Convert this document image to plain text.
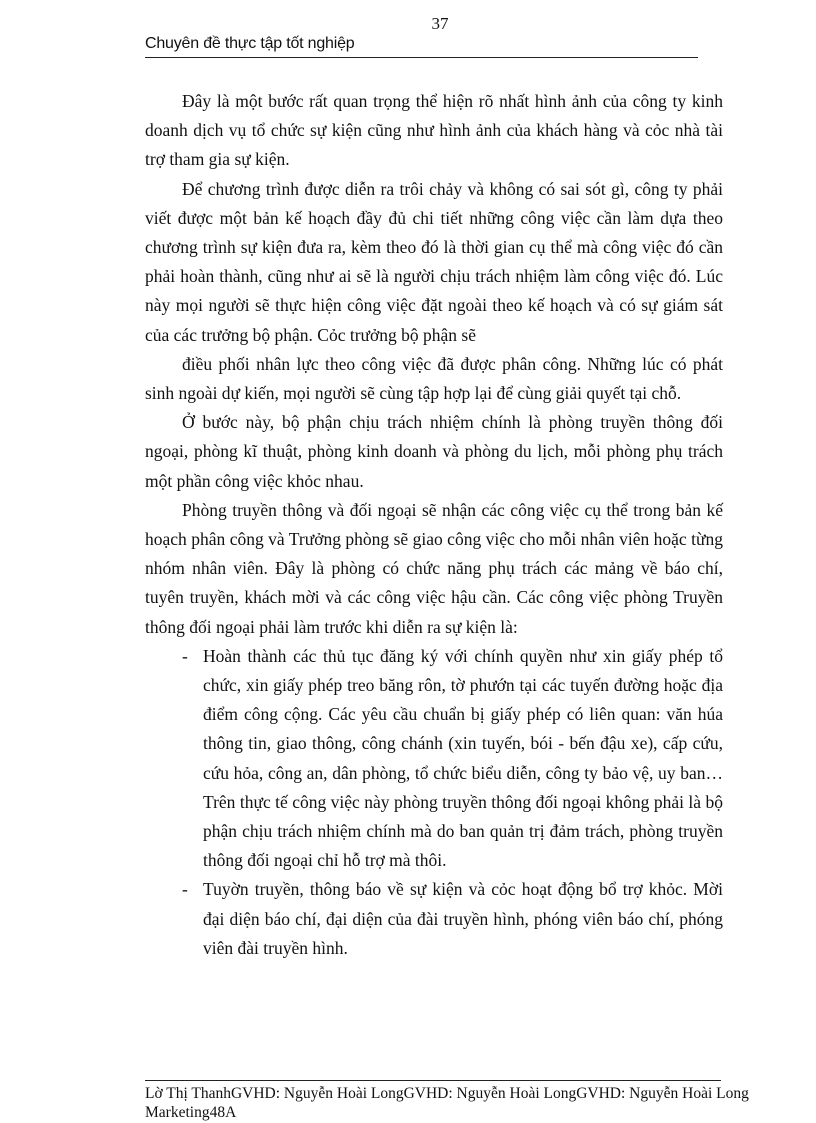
37
Chuyên đề thực tập tốt nghiệp

Đây là một bước rất quan trọng thể hiện rõ nhất hình ảnh của công ty kinh doanh dịch vụ tổ chức sự kiện cũng như hình ảnh của khách hàng và cỏc nhà tài trợ tham gia sự kiện.

Để chương trình được diễn ra trôi chảy và không có sai sót gì, công ty phải viết được một bản kế hoạch đầy đủ chi tiết những công việc cần làm dựa theo chương trình sự kiện đưa ra, kèm theo đó là thời gian cụ thể mà công việc đó cần phải hoàn thành, cũng như ai sẽ là người chịu trách nhiệm làm công việc đó. Lúc này mọi người sẽ thực hiện công việc đặt ngoài theo kế hoạch và có sự giám sát của các trưởng bộ phận. Cỏc trưởng bộ phận sẽ

điều phối nhân lực theo công việc đã được phân công. Những lúc có phát sinh ngoài dự kiến, mọi người sẽ cùng tập hợp lại để cùng giải quyết tại chỗ.

Ở bước này, bộ phận chịu trách nhiệm chính là phòng truyền thông đối ngoại, phòng kĩ thuật, phòng kinh doanh và phòng du lịch, mỗi phòng phụ trách một phần công việc khỏc nhau.

Phòng truyền thông và đối ngoại sẽ nhận các công việc cụ thể trong bản kế hoạch phân công và Trưởng phòng sẽ giao công việc cho mỗi nhân viên hoặc từng nhóm nhân viên. Đây là phòng có chức năng phụ trách các mảng về báo chí, tuyên truyền, khách mời và các công việc hậu cần. Các công việc phòng Truyền thông đối ngoại phải làm trước khi diễn ra sự kiện là:

- Hoàn thành các thủ tục đăng ký với chính quyền như xin giấy phép tổ chức, xin giấy phép treo băng rôn, tờ phướn tại các tuyến đường hoặc địa điểm công cộng. Các yêu cầu chuẩn bị giấy phép có liên quan: văn húa thông tin, giao thông, công chánh (xin tuyến, bói - bến đậu xe), cấp cứu, cứu hỏa, công an, dân phòng, tổ chức biểu diễn, công ty bảo vệ, uy ban… Trên thực tế công việc này phòng truyền thông đối ngoại không phải là bộ phận chịu trách nhiệm chính mà do ban quản trị đảm trách, phòng truyền thông đối ngoại chỉ hỗ trợ mà thôi.
- Tuyờn truyền, thông báo về sự kiện và cỏc hoạt động bổ trợ khỏc. Mời đại diện báo chí, đại diện của đài truyền hình, phóng viên báo chí, phóng viên đài truyền hình.
Lờ Thị ThanhGVHD: Nguyễn Hoài LongGVHD: Nguyễn Hoài LongGVHD: Nguyễn Hoài Long
Marketing48A
